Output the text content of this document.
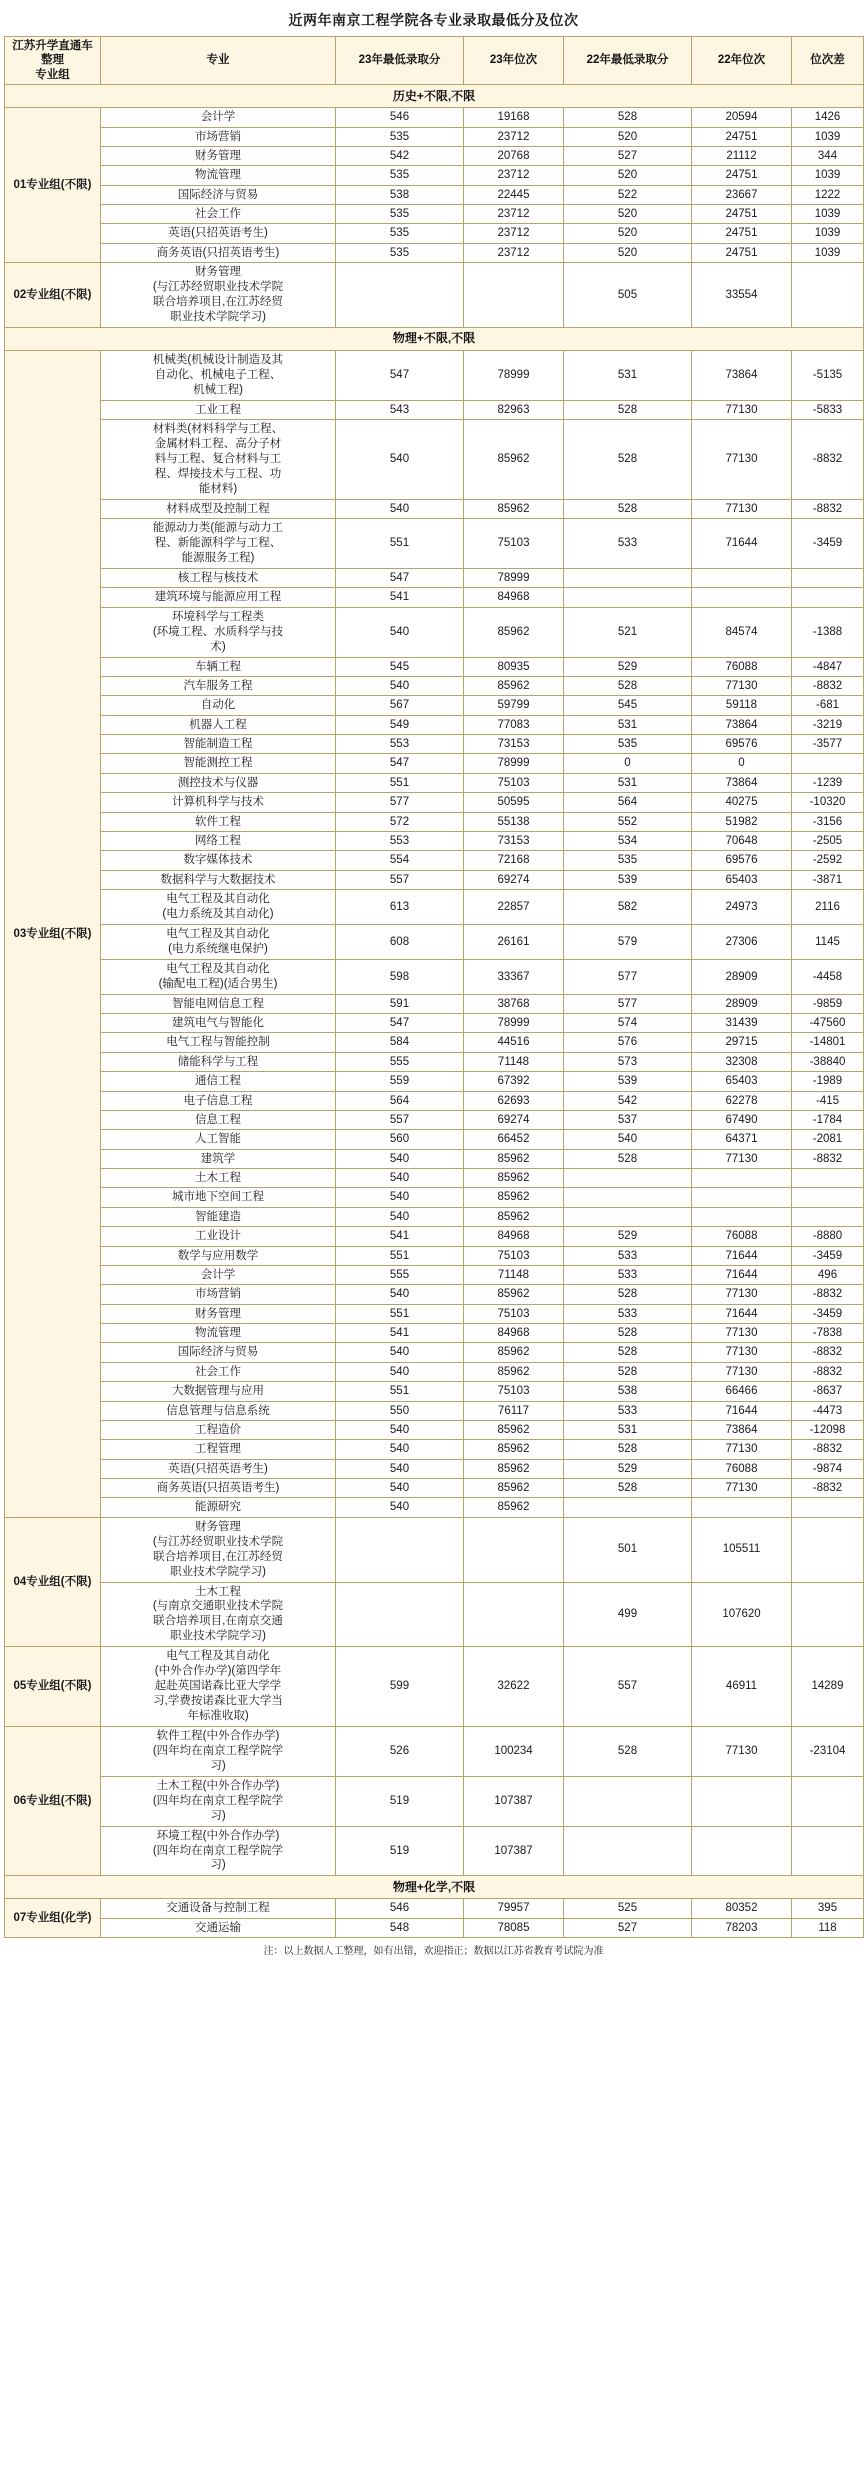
近两年南京工程学院各专业录取最低分及位次
江苏升学直通车整理
专业组	专业	23年最低录取分	23年位次	22年最低录取分	22年位次	位次差
历史+不限,不限						
01专业组(不限)	会计学	546	19168	528	20594	1426
	市场营销	535	23712	520	24751	1039
	财务管理	542	20768	527	21112	344
	物流管理	535	23712	520	24751	1039
	国际经济与贸易	538	22445	522	23667	1222
	社会工作	535	23712	520	24751	1039
	英语(只招英语考生)	535	23712	520	24751	1039
	商务英语(只招英语考生)	535	23712	520	24751	1039
02专业组(不限)	财务管理
(与江苏经贸职业技术学院
联合培养项目,在江苏经贸
职业技术学院学习)			505	33554	
物理+不限,不限						
03专业组(不限)	机械类(机械设计制造及其
自动化、机械电子工程、
机械工程)	547	78999	531	73864	-5135
	工业工程	543	82963	528	77130	-5833
	材料类(材料科学与工程、
金属材料工程、高分子材
料与工程、复合材料与工
程、焊接技术与工程、功
能材料)	540	85962	528	77130	-8832
	材料成型及控制工程	540	85962	528	77130	-8832
	能源动力类(能源与动力工
程、新能源科学与工程、
能源服务工程)	551	75103	533	71644	-3459
	核工程与核技术	547	78999			
	建筑环境与能源应用工程	541	84968			
	环境科学与工程类
(环境工程、水质科学与技
术)	540	85962	521	84574	-1388
	车辆工程	545	80935	529	76088	-4847
	汽车服务工程	540	85962	528	77130	-8832
	自动化	567	59799	545	59118	-681
	机器人工程	549	77083	531	73864	-3219
	智能制造工程	553	73153	535	69576	-3577
	智能测控工程	547	78999	0	0	
	测控技术与仪器	551	75103	531	73864	-1239
	计算机科学与技术	577	50595	564	40275	-10320
	软件工程	572	55138	552	51982	-3156
	网络工程	553	73153	534	70648	-2505
	数字媒体技术	554	72168	535	69576	-2592
	数据科学与大数据技术	557	69274	539	65403	-3871
	电气工程及其自动化
(电力系统及其自动化)	613	22857	582	24973	2116
	电气工程及其自动化
(电力系统继电保护)	608	26161	579	27306	1145
	电气工程及其自动化
(输配电工程)(适合男生)	598	33367	577	28909	-4458
	智能电网信息工程	591	38768	577	28909	-9859
	建筑电气与智能化	547	78999	574	31439	-47560
	电气工程与智能控制	584	44516	576	29715	-14801
	储能科学与工程	555	71148	573	32308	-38840
	通信工程	559	67392	539	65403	-1989
	电子信息工程	564	62693	542	62278	-415
	信息工程	557	69274	537	67490	-1784
	人工智能	560	66452	540	64371	-2081
	建筑学	540	85962	528	77130	-8832
	土木工程	540	85962			
	城市地下空间工程	540	85962			
	智能建造	540	85962			
	工业设计	541	84968	529	76088	-8880
	数学与应用数学	551	75103	533	71644	-3459
	会计学	555	71148	533	71644	496
	市场营销	540	85962	528	77130	-8832
	财务管理	551	75103	533	71644	-3459
	物流管理	541	84968	528	77130	-7838
	国际经济与贸易	540	85962	528	77130	-8832
	社会工作	540	85962	528	77130	-8832
	大数据管理与应用	551	75103	538	66466	-8637
	信息管理与信息系统	550	76117	533	71644	-4473
	工程造价	540	85962	531	73864	-12098
	工程管理	540	85962	528	77130	-8832
	英语(只招英语考生)	540	85962	529	76088	-9874
	商务英语(只招英语考生)	540	85962	528	77130	-8832
	能源研究	540	85962			
04专业组(不限)	财务管理
(与江苏经贸职业技术学院
联合培养项目,在江苏经贸
职业技术学院学习)			501	105511	
	土木工程
(与南京交通职业技术学院
联合培养项目,在南京交通
职业技术学院学习)			499	107620	
05专业组(不限)	电气工程及其自动化
(中外合作办学)(第四学年
起赴英国诺森比亚大学学
习,学费按诺森比亚大学当
年标准收取)	599	32622	557	46911	14289
06专业组(不限)	软件工程(中外合作办学)
(四年均在南京工程学院学
习)	526	100234	528	77130	-23104
	土木工程(中外合作办学)
(四年均在南京工程学院学
习)	519	107387			
	环境工程(中外合作办学)
(四年均在南京工程学院学
习)	519	107387			
物理+化学,不限						
07专业组(化学)	交通设备与控制工程	546	79957	525	80352	395
	交通运输	548	78085	527	78203	118
注：以上数据人工整理，如有出错，欢迎指正；数据以江苏省教育考试院为准
